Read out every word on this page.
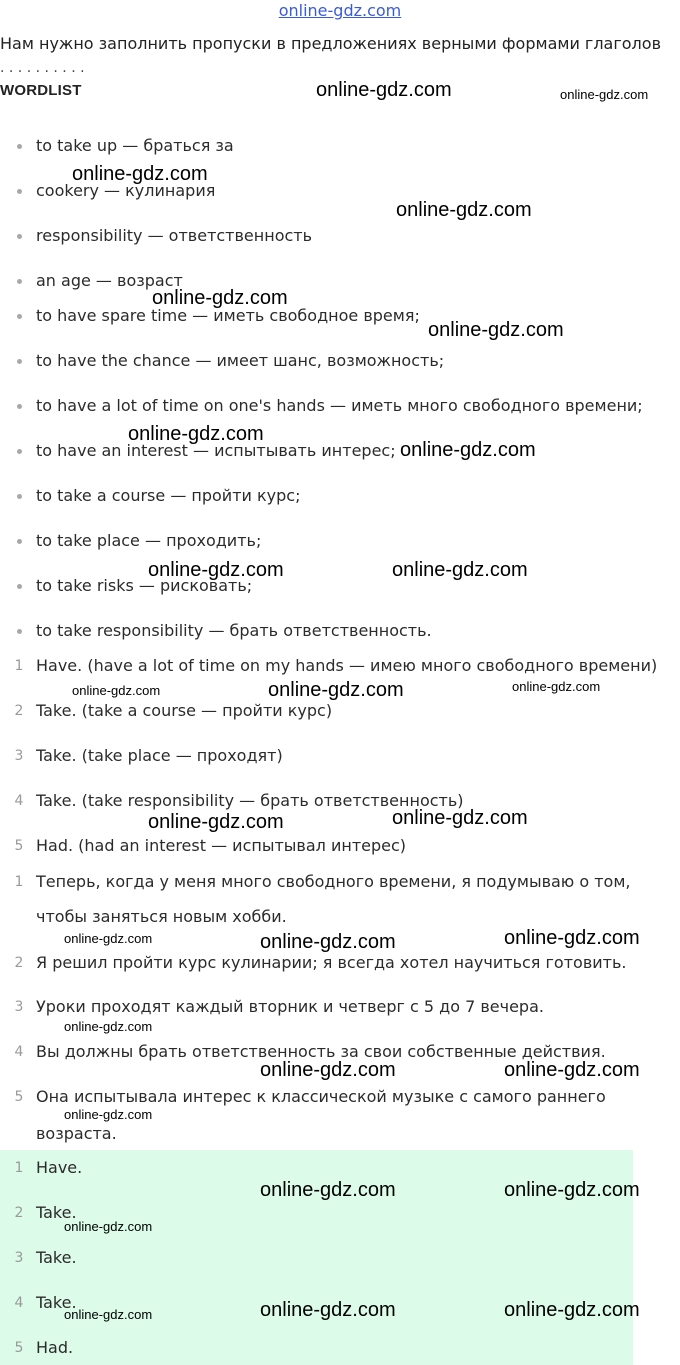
online-gdz.com
Нам нужно заполнить пропуски в предложениях верными формами глаголов
. . . . . . . . . .
WORDLIST
to take up — браться за
cookery — кулинария
responsibility — ответственность
an age — возраст
to have spare time — иметь свободное время;
to have the chance — имеет шанс, возможность;
to have a lot of time on one's hands — иметь много свободного времени;
to have an interest — испытывать интерес;
to take a course — пройти курс;
to take place — проходить;
to take risks — рисковать;
to take responsibility — брать ответственность.
1 Have. (have a lot of time on my hands — имею много свободного времени)
2 Take. (take a course — пройти курс)
3 Take. (take place — проходят)
4 Take. (take responsibility — брать ответственность)
5 Had. (had an interest — испытывал интерес)
1 Теперь, когда у меня много свободного времени, я подумываю о том,
чтобы заняться новым хобби.
2 Я решил пройти курс кулинарии; я всегда хотел научиться готовить.
3 Уроки проходят каждый вторник и четверг с 5 до 7 вечера.
4 Вы должны брать ответственность за свои собственные действия.
5 Она испытывала интерес к классической музыке с самого раннего
возраста.
1 Have.
2 Take.
3 Take.
4 Take.
5 Had.
online-gdz.com	online-gdz.com
online-gdz.com
online-gdz.com
online-gdz.com
online-gdz.com
online-gdz.com
online-gdz.com
online-gdz.com	online-gdz.com
online-gdz.com	online-gdz.com	online-gdz.com
online-gdz.com	online-gdz.com
online-gdz.com	online-gdz.com	online-gdz.com
online-gdz.com
online-gdz.com	online-gdz.com
online-gdz.com
online-gdz.com	online-gdz.com
online-gdz.com
online-gdz.com	online-gdz.com
online-gdz.com
